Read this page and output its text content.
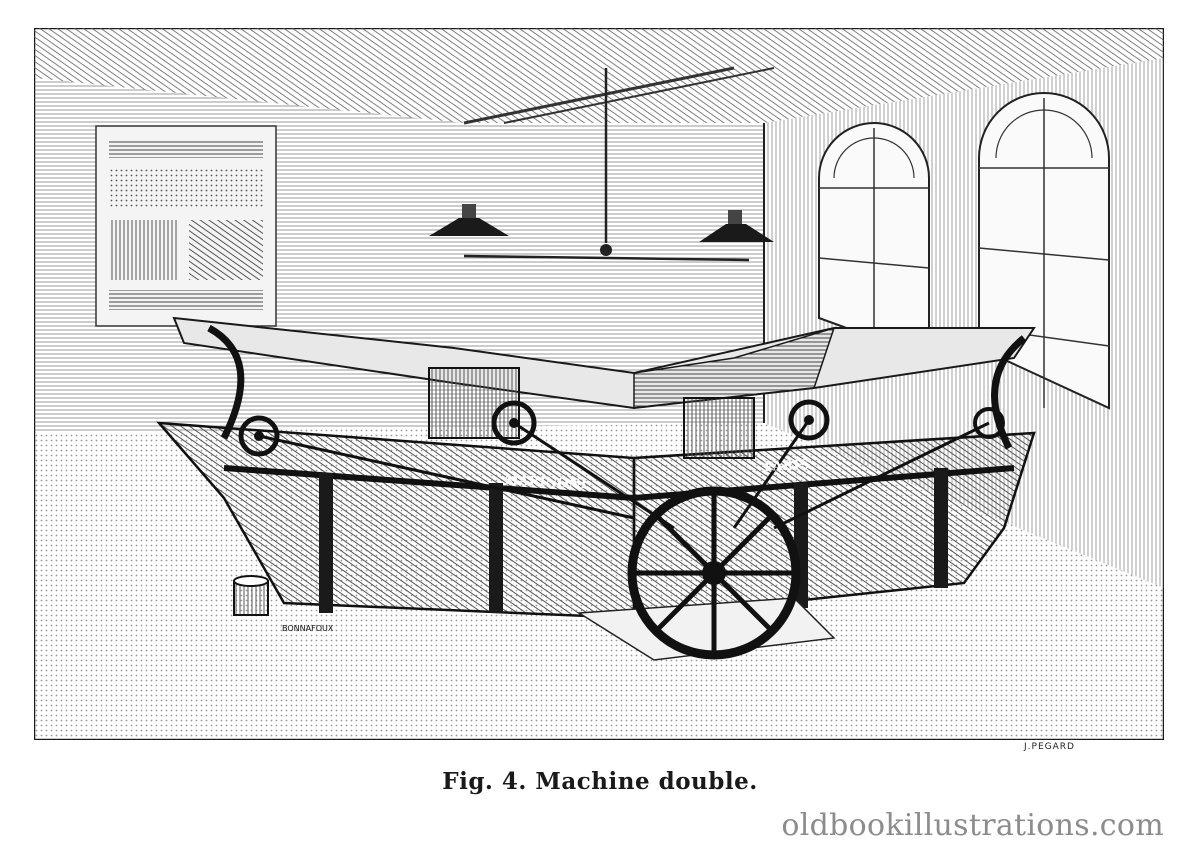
MARINONI
PARIS
BONNAFOUX
J.PEGARD
Fig. 4. Machine double.
oldbookillustrations.com
